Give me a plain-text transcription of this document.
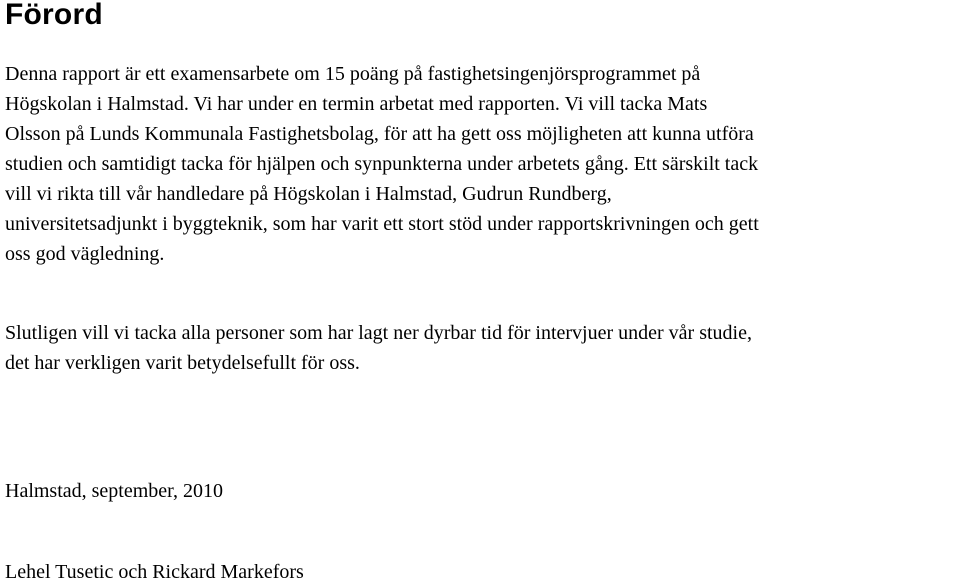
Förord

Denna rapport är ett examensarbete om 15 poäng på fastighetsingenjörsprogrammet på
Högskolan i Halmstad. Vi har under en termin arbetat med rapporten. Vi vill tacka Mats
Olsson på Lunds Kommunala Fastighetsbolag, för att ha gett oss möjligheten att kunna utföra
studien och samtidigt tacka för hjälpen och synpunkterna under arbetets gång. Ett särskilt tack
vill vi rikta till vår handledare på Högskolan i Halmstad, Gudrun Rundberg,
universitetsadjunkt i byggteknik, som har varit ett stort stöd under rapportskrivningen och gett
oss god vägledning.

Slutligen vill vi tacka alla personer som har lagt ner dyrbar tid för intervjuer under vår studie,
det har verkligen varit betydelsefullt för oss.

Halmstad, september, 2010

Lehel Tusetic och Rickard Markefors
